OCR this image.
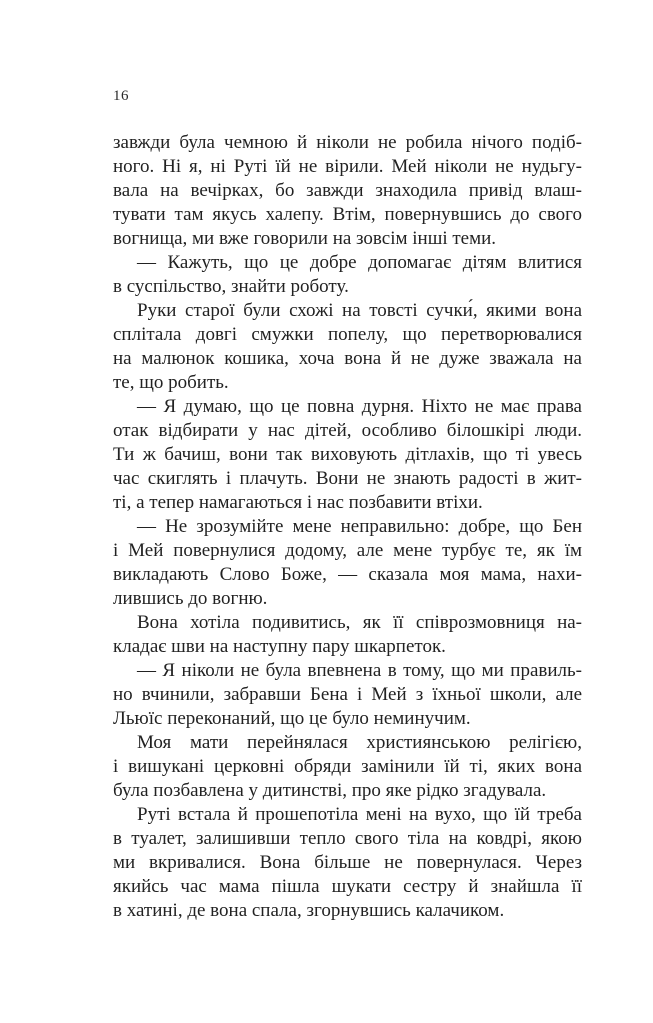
16
завжди була чемною й ніколи не робила нічого подіб-
ного. Ні я, ні Руті їй не вірили. Мей ніколи не нудьгу-
вала на вечірках, бо завжди знаходила привід влаш-
тувати там якусь халепу. Втім, повернувшись до свого
вогнища, ми вже говорили на зовсім інші теми.
— Кажуть, що це добре допомагає дітям влитися
в суспільство, знайти роботу.
Руки старої були схожі на товсті сучки́, якими вона
сплітала довгі смужки попелу, що перетворювалися
на малюнок кошика, хоча вона й не дуже зважала на
те, що робить.
— Я думаю, що це повна дурня. Ніхто не має права
отак відбирати у нас дітей, особливо білошкірі люди.
Ти ж бачиш, вони так виховують дітлахів, що ті увесь
час скиглять і плачуть. Вони не знають радості в жит-
ті, а тепер намагаються і нас позбавити втіхи.
— Не зрозумійте мене неправильно: добре, що Бен
і Мей повернулися додому, але мене турбує те, як їм
викладають Слово Боже, — сказала моя мама, нахи-
лившись до вогню.
Вона хотіла подивитись, як її співрозмовниця на-
кладає шви на наступну пару шкарпеток.
— Я ніколи не була впевнена в тому, що ми правиль-
но вчинили, забравши Бена і Мей з їхньої школи, але
Льюїс переконаний, що це було неминучим.
Моя мати перейнялася християнською релігією,
і вишукані церковні обряди замінили їй ті, яких вона
була позбавлена у дитинстві, про яке рідко згадувала.
Руті встала й прошепотіла мені на вухо, що їй треба
в туалет, залишивши тепло свого тіла на ковдрі, якою
ми вкривалися. Вона більше не повернулася. Через
якийсь час мама пішла шукати сестру й знайшла її
в хатині, де вона спала, згорнувшись калачиком.
